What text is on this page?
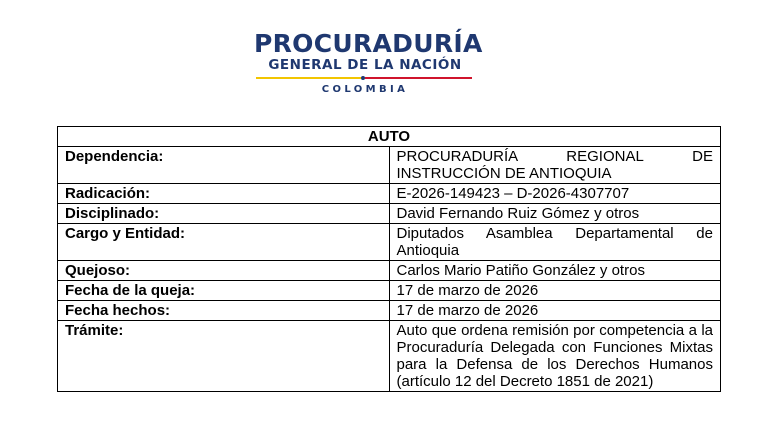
PROCURADURÍA
GENERAL DE LA NACIÓN
COLOMBIA
AUTO	
Dependencia:	PROCURADURÍA REGIONAL DE INSTRUCCIÓN DE ANTIOQUIA
Radicación:	E-2026-149423 – D-2026-4307707
Disciplinado:	David Fernando Ruiz Gómez y otros
Cargo y Entidad:	Diputados Asamblea Departamental de Antioquia
Quejoso:	Carlos Mario Patiño González y otros
Fecha de la queja:	17 de marzo de 2026
Fecha hechos:	17 de marzo de 2026
Trámite:	Auto que ordena remisión por competencia a la Procuraduría Delegada con Funciones Mixtas para la Defensa de los Derechos Humanos (artículo 12 del Decreto 1851 de 2021)
